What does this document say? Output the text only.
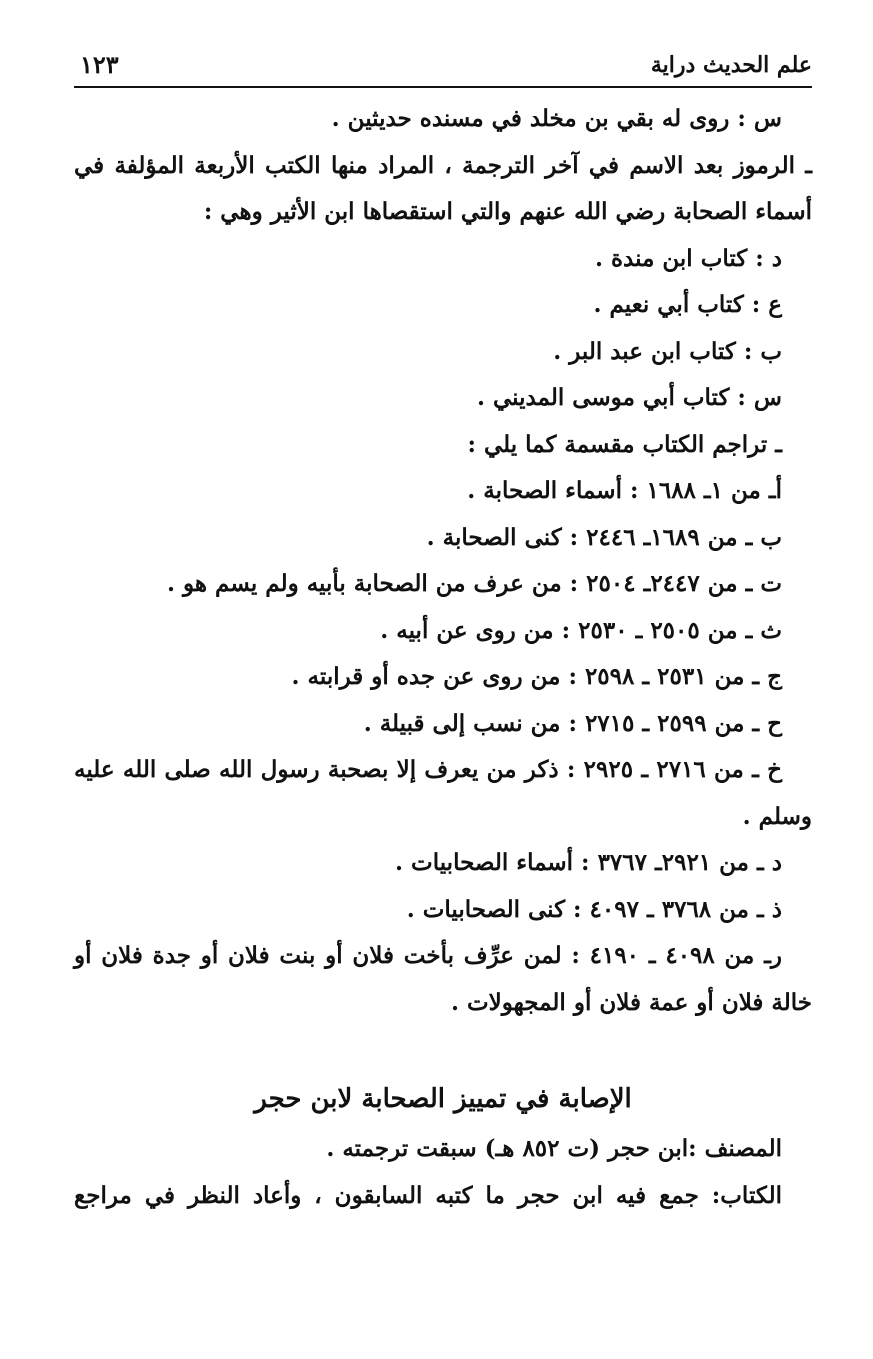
علم الحديث دراية
١٢٣
س : روى له بقي بن مخلد في مسنده حديثين .
ـ الرموز بعد الاسم في آخر الترجمة ، المراد منها الكتب الأربعة المؤلفة في
أسماء الصحابة رضي الله عنهم والتي استقصاها ابن الأثير وهي :
د : كتاب ابن مندة .
ع : كتاب أبي نعيم .
ب : كتاب ابن عبد البر .
س : كتاب أبي موسى المديني .
ـ تراجم الكتاب مقسمة كما يلي :
أـ من ١ـ ١٦٨٨ : أسماء الصحابة .
ب ـ من ١٦٨٩ـ ٢٤٤٦ : كنى الصحابة .
ت ـ من ٢٤٤٧ـ ٢٥٠٤ : من عرف من الصحابة بأبيه ولم يسم هو .
ث ـ من ٢٥٠٥ ـ ٢٥٣٠ : من روى عن أبيه .
ج ـ من ٢٥٣١ ـ ٢٥٩٨ : من روى عن جده أو قرابته .
ح ـ من ٢٥٩٩ ـ ٢٧١٥ : من نسب إلى قبيلة .
خ ـ من ٢٧١٦ ـ ٢٩٢٥ : ذكر من يعرف إلا بصحبة رسول الله صلى الله عليه
وسلم .
د ـ من ٢٩٢١ـ ٣٧٦٧ : أسماء الصحابيات .
ذ ـ من ٣٧٦٨ ـ ٤٠٩٧ : كنى الصحابيات .
رـ من ٤٠٩٨ ـ ٤١٩٠ : لمن عرِّف بأخت فلان أو بنت فلان أو جدة فلان أو
خالة فلان أو عمة فلان أو المجهولات .
الإصابة في تمييز الصحابة لابن حجر
المصنف :ابن حجر (ت ٨٥٢ هـ) سبقت ترجمته .
الكتاب: جمع فيه ابن حجر ما كتبه السابقون ، وأعاد النظر في مراجع
